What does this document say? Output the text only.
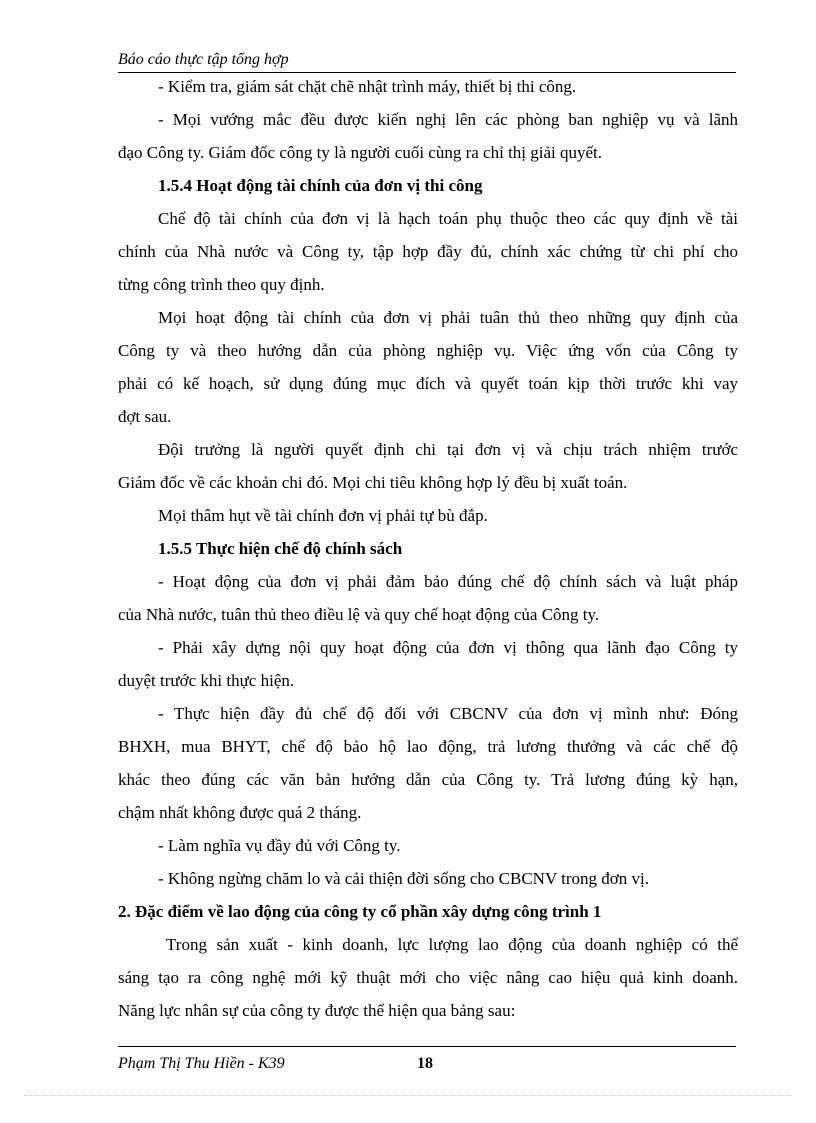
Báo cáo thực tập tổng hợp
- Kiểm tra, giám sát chặt chẽ nhật trình máy, thiết bị thi công.
- Mọi vướng mắc đều được kiến nghị lên các phòng ban nghiệp vụ và lãnh
đạo Công ty. Giám đốc công ty là người cuối cùng ra chỉ thị giải quyết.
1.5.4 Hoạt động tài chính của đơn vị thi công
Chế độ tài chính của đơn vị là hạch toán phụ thuộc theo các quy định về tài
chính của Nhà nước và Công ty, tập hợp đầy đủ, chính xác chứng từ chi phí cho
từng công trình theo quy định.
Mọi hoạt động tài chính của đơn vị phải tuân thủ theo những quy định của
Công ty và theo hướng dẫn của phòng nghiệp vụ. Việc ứng vốn của Công ty
phải có kế hoạch, sử dụng đúng mục đích và quyết toán kịp thời trước khi vay
đợt sau.
Đội trưởng là người quyết định chi tại đơn vị và chịu trách nhiệm trước
Giám đốc về các khoản chi đó. Mọi chi tiêu không hợp lý đều bị xuất toán.
Mọi thâm hụt về tài chính đơn vị phải tự bù đắp.
1.5.5 Thực hiện chế độ chính sách
- Hoạt động của đơn vị phải đảm bảo đúng chế độ chính sách và luật pháp
của Nhà nước, tuân thủ theo điều lệ và quy chế hoạt động của Công ty.
- Phải xây dựng nội quy hoạt động của đơn vị thông qua lãnh đạo Công ty
duyệt trước khi thực hiện.
- Thực hiện đầy đủ chế độ đối với CBCNV của đơn vị mình như: Đóng
BHXH, mua BHYT, chế độ bảo hộ lao động, trả lương thưởng và các chế độ
khác theo đúng các văn bản hướng dẫn của Công ty. Trả lương đúng kỳ hạn,
chậm nhất không được quá 2 tháng.
- Làm nghĩa vụ đầy đủ với Công ty.
- Không ngừng chăm lo và cải thiện đời sống cho CBCNV trong đơn vị.
2. Đặc điểm về lao động của công ty cổ phần xây dựng công trình 1
Trong sản xuất - kinh doanh, lực lượng lao động của doanh nghiệp có thể
sáng tạo ra công nghệ mới kỹ thuật mới cho việc nâng cao hiệu quả kinh doanh.
Năng lực nhân sự của công ty được thể hiện qua bảng sau:
Phạm Thị Thu Hiền - K39	18
